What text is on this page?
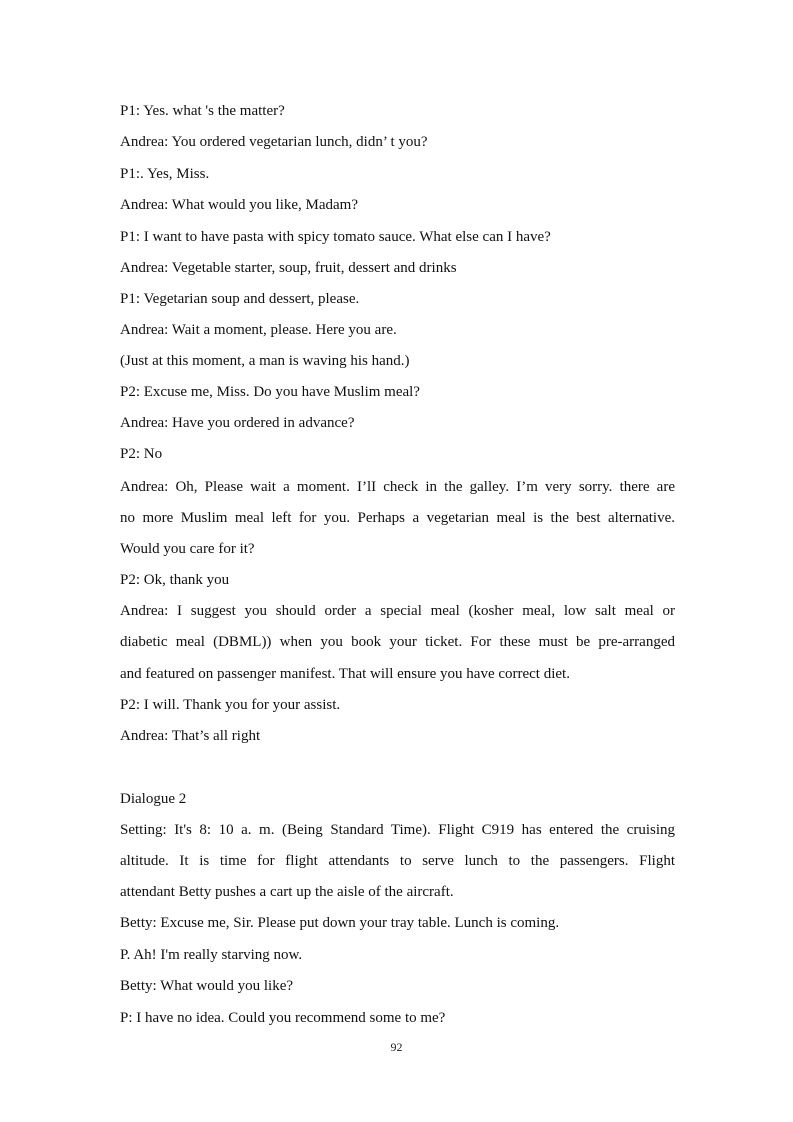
P1: Yes. what 's the matter?
Andrea: You ordered vegetarian lunch, didn’ t you?
P1:. Yes, Miss.
Andrea: What would you like, Madam?
P1: I want to have pasta with spicy tomato sauce. What else can I have?
Andrea: Vegetable starter, soup, fruit, dessert and drinks
P1: Vegetarian soup and dessert, please.
Andrea: Wait a moment, please. Here you are.
(Just at this moment, a man is waving his hand.)
P2: Excuse me, Miss. Do you have Muslim meal?
Andrea: Have you ordered in advance?
P2: No
Andrea: Oh, Please wait a moment. I’lI check in the galley. I’m very sorry. there are
no more Muslim meal left for you. Perhaps a vegetarian meal is the best alternative.
Would you care for it?
P2: Ok, thank you
Andrea: I suggest you should order a special meal (kosher meal, low salt meal or
diabetic meal (DBML)) when you book your ticket. For these must be pre-arranged
and featured on passenger manifest. That will ensure you have correct diet.
P2: I will. Thank you for your assist.
Andrea: That’s all right
Dialogue 2
Setting: It's 8: 10 a. m. (Being Standard Time). Flight C919 has entered the cruising
altitude. It is time for flight attendants to serve lunch to the passengers. Flight
attendant Betty pushes a cart up the aisle of the aircraft.
Betty: Excuse me, Sir. Please put down your tray table. Lunch is coming.
P. Ah! I'm really starving now.
Betty: What would you like?
P: I have no idea. Could you recommend some to me?
92
